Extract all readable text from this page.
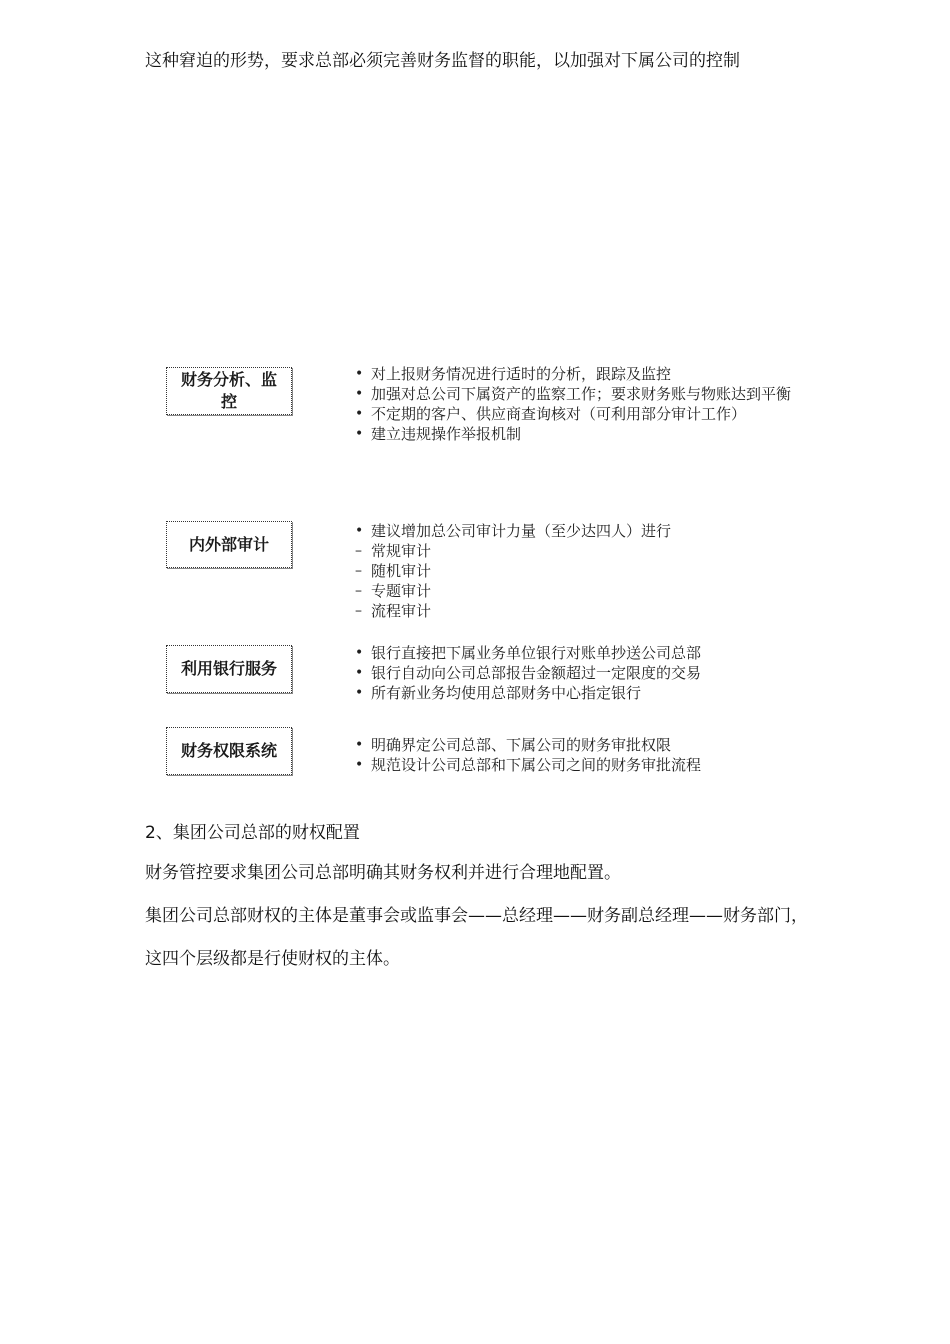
这种窘迫的形势，要求总部必须完善财务监督的职能，以加强对下属公司的控制

财务分析、监控
• 对上报财务情况进行适时的分析，跟踪及监控
• 加强对总公司下属资产的监察工作；要求财务账与物账达到平衡
• 不定期的客户、供应商查询核对（可利用部分审计工作）
• 建立违规操作举报机制
内外部审计
• 建议增加总公司审计力量（至少达四人）进行
– 常规审计
– 随机审计
– 专题审计
– 流程审计
利用银行服务
• 银行直接把下属业务单位银行对账单抄送公司总部
• 银行自动向公司总部报告金额超过一定限度的交易
• 所有新业务均使用总部财务中心指定银行
财务权限系统	• 明确界定公司总部、下属公司的财务审批权限
• 规范设计公司总部和下属公司之间的财务审批流程

2、集团公司总部的财权配置

财务管控要求集团公司总部明确其财务权利并进行合理地配置。

集团公司总部财权的主体是董事会或监事会——总经理——财务副总经理——财务部门，

这四个层级都是行使财权的主体。
